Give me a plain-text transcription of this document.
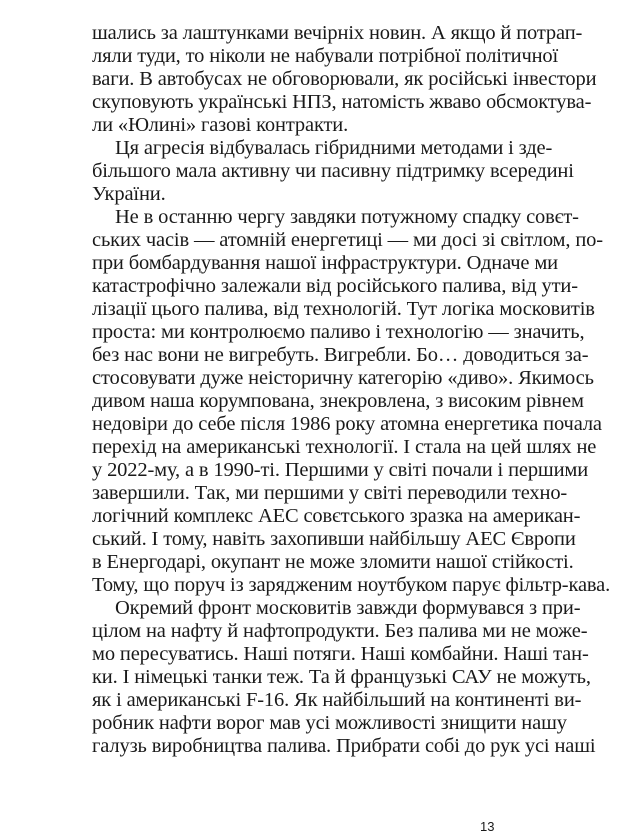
шались за лаштунками вечірніх новин. А якщо й потрап-
ляли туди, то ніколи не набували потрібної політичної
ваги. В автобусах не обговорювали, як російські інвестори
скуповують українські НПЗ, натомість жваво обсмоктува-
ли «Юлині» газові контракти.
Ця агресія відбувалась гібридними методами і зде-
більшого мала активну чи пасивну підтримку всередині
України.
Не в останню чергу завдяки потужному спадку совєт-
ських часів — атомній енергетиці — ми досі зі світлом, по-
при бомбардування нашої інфраструктури. Одначе ми
катастрофічно залежали від російського палива, від ути-
лізації цього палива, від технологій. Тут логіка московитів
проста: ми контролюємо паливо і технологію — значить,
без нас вони не вигребуть. Вигребли. Бо… доводиться за-
стосовувати дуже неісторичну категорію «диво». Якимось
дивом наша корумпована, знекровлена, з високим рівнем
недовіри до себе після 1986 року атомна енергетика почала
перехід на американські технології. І стала на цей шлях не
у 2022-му, а в 1990-ті. Першими у світі почали і першими
завершили. Так, ми першими у світі переводили техно-
логічний комплекс АЕС совєтського зразка на американ-
ський. І тому, навіть захопивши найбільшу АЕС Європи
в Енергодарі, окупант не може зломити нашої стійкості.
Тому, що поруч із зарядженим ноутбуком парує фільтр-кава.
Окремий фронт московитів завжди формувався з при-
цілом на нафту й нафтопродукти. Без палива ми не може-
мо пересуватись. Наші потяги. Наші комбайни. Наші тан-
ки. І німецькі танки теж. Та й французькі САУ не можуть,
як і американські F-16. Як найбільший на континенті ви-
робник нафти ворог мав усі можливості знищити нашу
галузь виробництва палива. Прибрати собі до рук усі наші
13
